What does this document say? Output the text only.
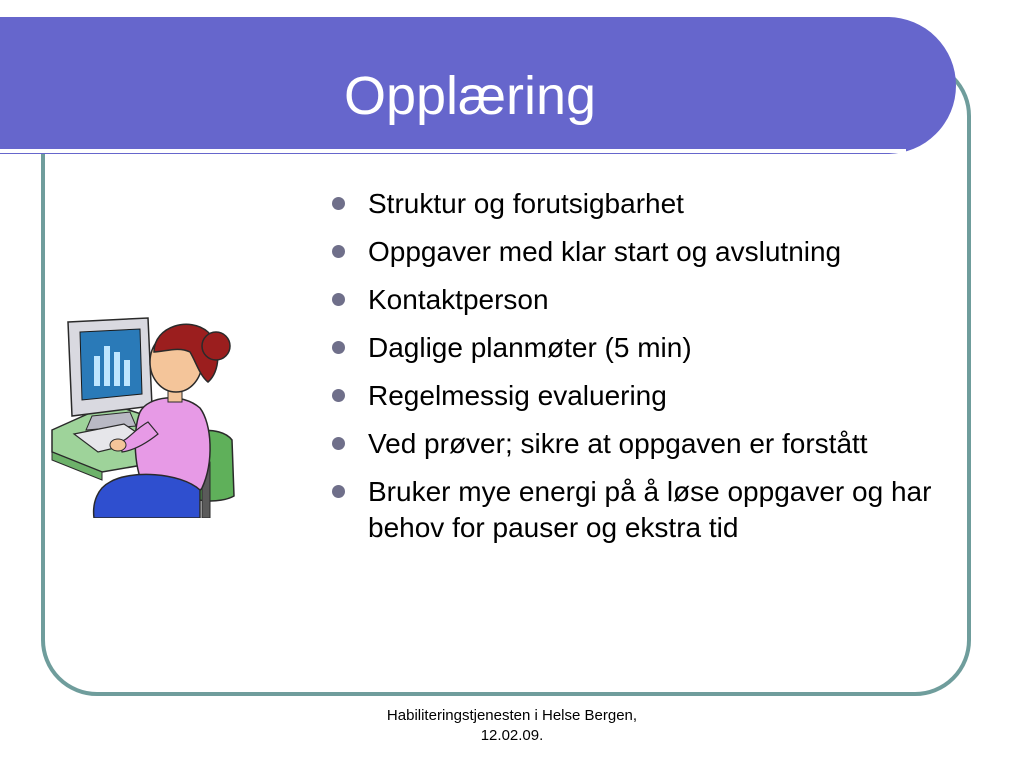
Opplæring
Struktur og forutsigbarhet
Oppgaver med klar start og avslutning
Kontaktperson
Daglige planmøter (5 min)
Regelmessig evaluering
Ved prøver; sikre at oppgaven er forstått
Bruker mye energi på å løse oppgaver og har behov for pauser og ekstra tid
Habiliteringstjenesten i Helse Bergen,
12.02.09.
